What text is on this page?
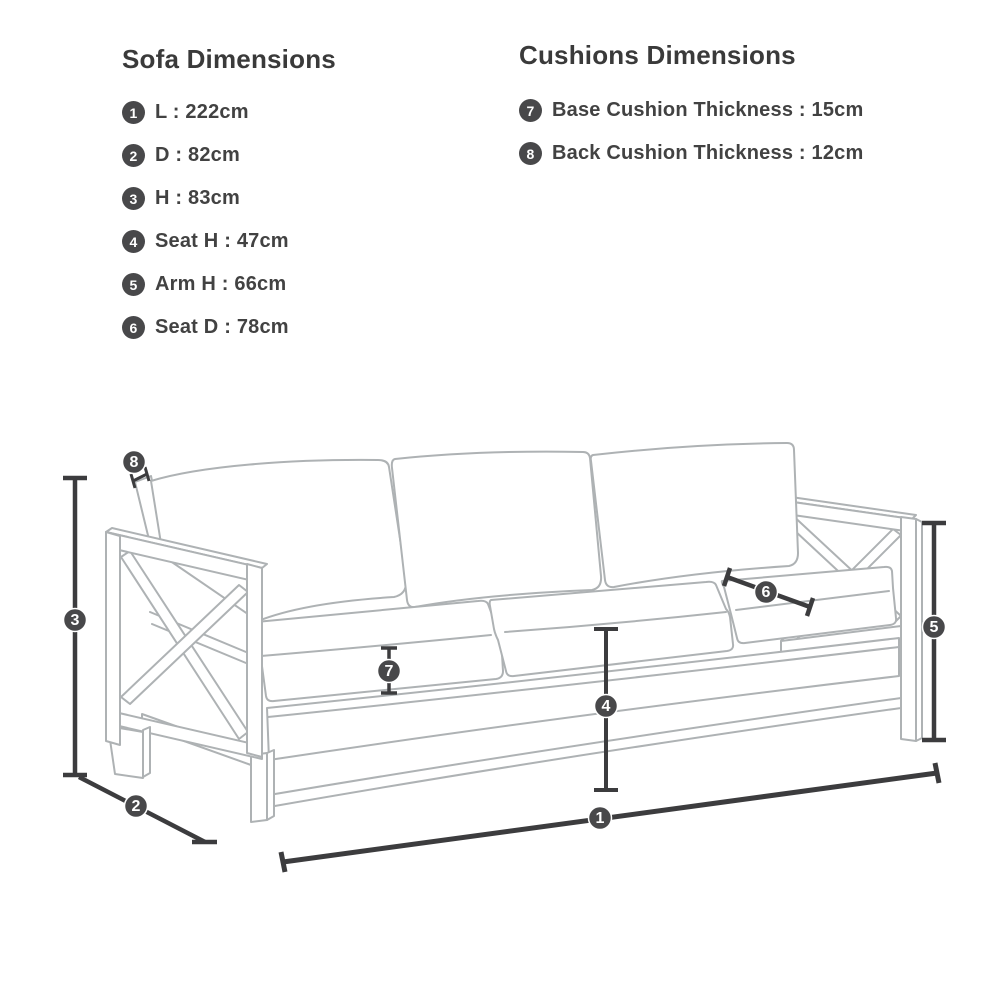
1
2
3
4
5
6
7
8
Sofa Dimensions
1 L : 222cm
2 D : 82cm
3 H : 83cm
4 Seat H : 47cm
5 Arm H : 66cm
6 Seat D : 78cm
Cushions Dimensions
7 Base Cushion Thickness : 15cm
8 Back Cushion Thickness : 12cm
